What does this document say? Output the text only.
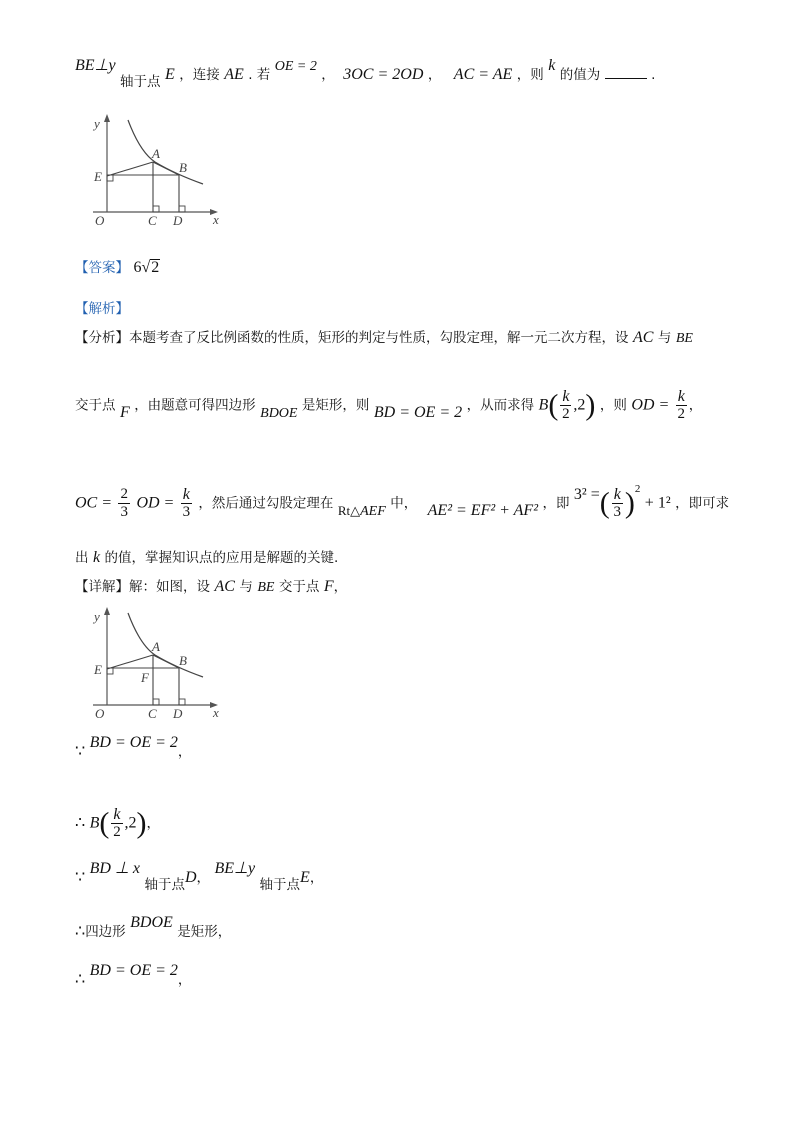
BE⊥y 轴于点 E ，连接 AE . 若 OE = 2 ， 3OC = 2OD ， AC = AE ，则 k 的值为	.
y
x
O	C D
E
A
B
【答案】 6√2
【解析】
【分析】本题考查了反比例函数的性质，矩形的判定与性质，勾股定理，解一元二次方程，设 AC 与 BE
交于点 F ，由题意可得四边形 BDOE 是矩形，则 BD = OE = 2 ，从而求得 $B( \frac{k}{2} ,2)$ ，则 OD = $\frac{k}{2}$ ，
OC = $\frac{2}{3}$ OD = $\frac{k}{3}$ ，然后通过勾股定理在 Rt△AEF 中， AE² = EF² + AF² ，即 3² =( $\frac{k}{3} )^2 + 1^2$ ，即可求
出 k 的值，掌握知识点的应用是解题的关键.
【详解】解：如图，设 AC 与 BE 交于点 F，
y
x
O	C D
E
A
B
F
∵ BD = OE = 2，
∴ $B( \frac{k}{2} ,2)$，
∵ BD ⊥ x 轴于点D， BE⊥y 轴于点E，
∴四边形 BDOE 是矩形，
∴ BD = OE = 2，
